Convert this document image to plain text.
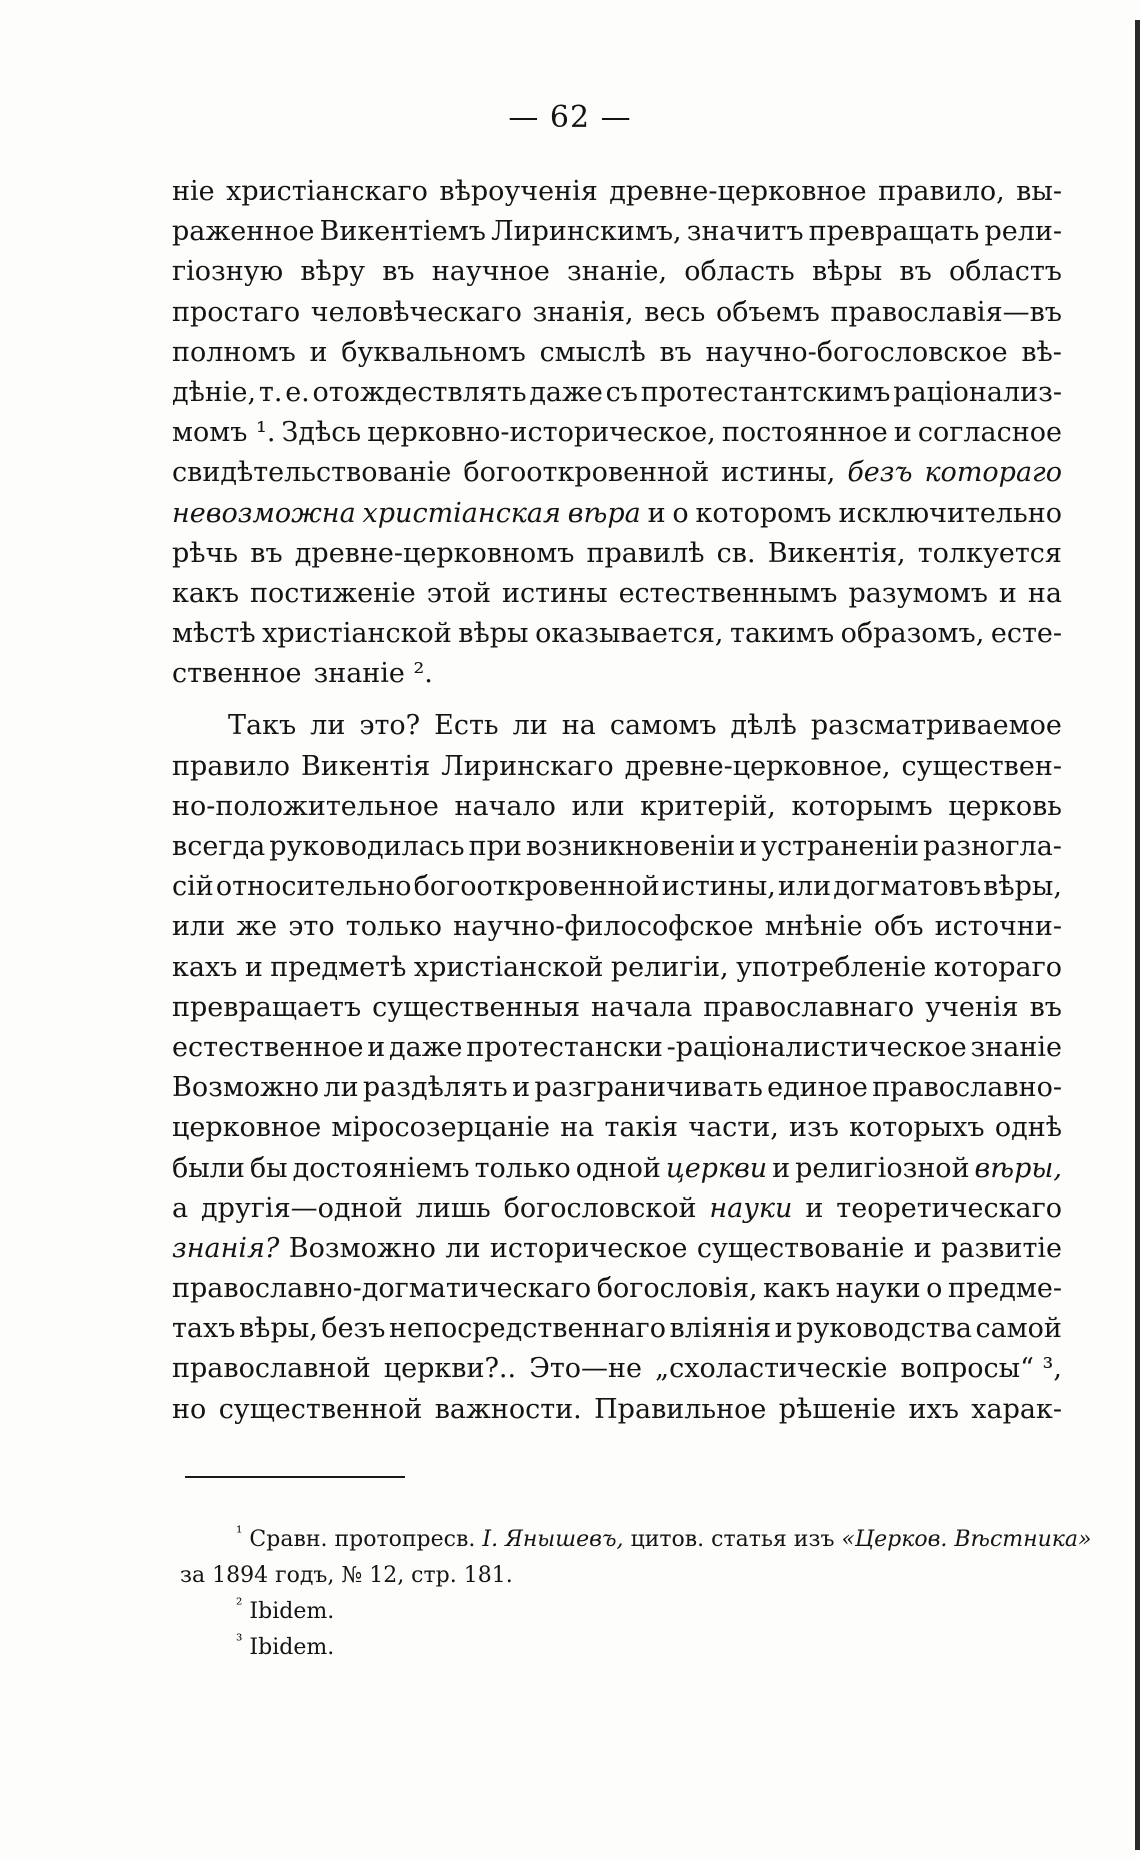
— 62 —
ніе христіанскаго вѣроученія древне-церковное правило, вы-
раженное Викентіемъ Лиринскимъ, значитъ превращать рели-
гіозную вѣру въ научное знаніе, область вѣры въ областъ
простаго человѣческаго знанія, весь объемъ православія—въ
полномъ и буквальномъ смыслѣ въ научно-богословское вѣ-
дѣніе, т. е. отождествлять даже съ протестантскимъ раціонализ-
момъ ¹. Здѣсь церковно-историческое, постоянное и согласное
свидѣтельствованіе богооткровенной истины, безъ котораго
невозможна христіанская вѣра и о которомъ исключительно
рѣчь въ древне-церковномъ правилѣ св. Викентія, толкуется
какъ постиженіе этой истины естественнымъ разумомъ и на
мѣстѣ христіанской вѣры оказывается, такимъ образомъ, есте-
ственное знаніе ².
Такъ ли это? Есть ли на самомъ дѣлѣ разсматриваемое
правило Викентія Лиринскаго древне-церковное, существен-
но-положительное начало или критерій, которымъ церковь
всегда руководилась при возникновеніи и устраненіи разногла-
сій относительно богооткровенной истины, или догматовъ вѣры,
или же это только научно-философское мнѣніе объ источни-
кахъ и предметѣ христіанской религіи, употребленіе котораго
превращаетъ существенныя начала православнаго ученія въ
естественное и даже протестански -раціоналистическое знаніе
Возможно ли раздѣлять и разграничивать единое православно-
церковное міросозерцаніе на такія части, изъ которыхъ однѣ
были бы достояніемъ только одной церкви и религіозной вѣры,
а другія—одной лишь богословской науки и теоретическаго
знанія? Возможно ли историческое существованіе и развитіе
православно-догматическаго богословія, какъ науки о предме-
тахъ вѣры, безъ непосредственнаго вліянія и руководства самой
православной церкви?.. Это—не „схоластическіе вопросы“ ³,
но существенной важности. Правильное рѣшеніе ихъ харак-
$^{^1}$ Сравн. протопресв. I. Янышевъ, цитов. статья изъ «Церков. Вѣстника»
за 1894 годъ, № 12, стр. 181.
$^{^2}$ Ibidem.
$^{^3}$ Ibidem.
